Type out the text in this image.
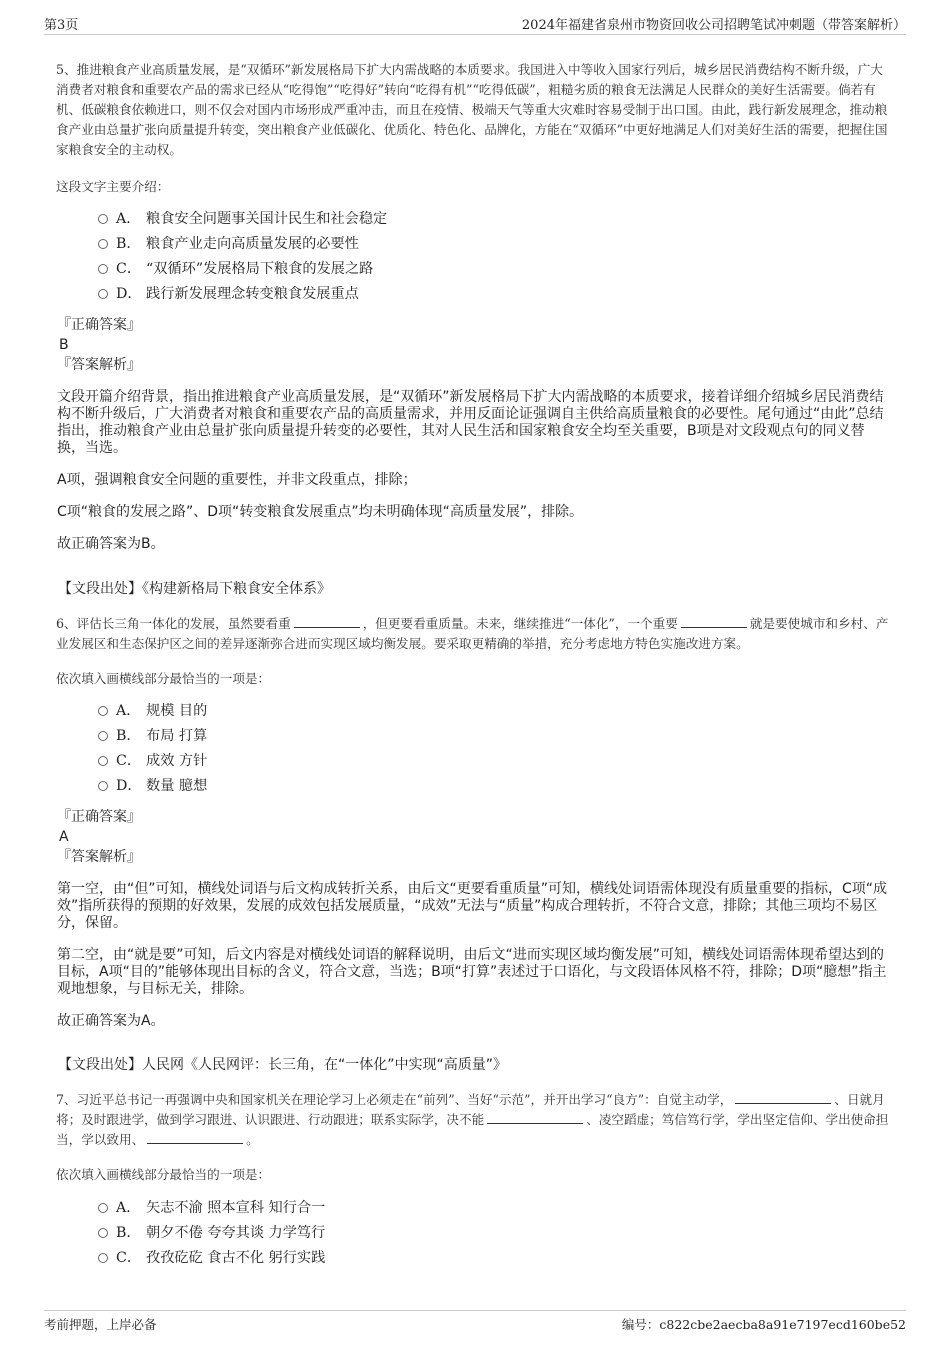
第3页	2024年福建省泉州市物资回收公司招聘笔试冲刺题（带答案解析）
5、推进粮食产业高质量发展，是“双循环”新发展格局下扩大内需战略的本质要求。我国进入中等收入国家行列后，城乡居民消费结构不断升级，广大消费者对粮食和重要农产品的需求已经从“吃得饱”“吃得好”转向“吃得有机”“吃得低碳”，粗糙劣质的粮食无法满足人民群众的美好生活需要。倘若有机、低碳粮食依赖进口，则不仅会对国内市场形成严重冲击，而且在疫情、极端天气等重大灾难时容易受制于出口国。由此，践行新发展理念，推动粮食产业由总量扩张向质量提升转变，突出粮食产业低碳化、优质化、特色化、品牌化，方能在“双循环”中更好地满足人们对美好生活的需要，把握住国家粮食安全的主动权。
这段文字主要介绍：
A． 粮食安全问题事关国计民生和社会稳定
B． 粮食产业走向高质量发展的必要性
C． “双循环”发展格局下粮食的发展之路
D． 践行新发展理念转变粮食发展重点
『正确答案』
B
『答案解析』

文段开篇介绍背景，指出推进粮食产业高质量发展，是“双循环”新发展格局下扩大内需战略的本质要求，接着详细介绍城乡居民消费结构不断升级后，广大消费者对粮食和重要农产品的高质量需求，并用反面论证强调自主供给高质量粮食的必要性。尾句通过“由此”总结指出，推动粮食产业由总量扩张向质量提升转变的必要性，其对人民生活和国家粮食安全均至关重要，B项是对文段观点句的同义替换，当选。

A项，强调粮食安全问题的重要性，并非文段重点，排除；

C项“粮食的发展之路”、D项“转变粮食发展重点”均未明确体现“高质量发展”，排除。

故正确答案为B。

【文段出处】《构建新格局下粮食安全体系》
6、评估长三角一体化的发展，虽然要看重	，但更要看重质量。未来，继续推进“一体化”，一个重要	就是要使城市和乡村、产业发展区和生态保护区之间的差异逐渐弥合进而实现区域均衡发展。要采取更精确的举措，充分考虑地方特色实施改进方案。
依次填入画横线部分最恰当的一项是：
A． 规模 目的
B． 布局 打算
C． 成效 方针
D． 数量 臆想
『正确答案』
A
『答案解析』

第一空，由“但”可知，横线处词语与后文构成转折关系，由后文“更要看重质量”可知，横线处词语需体现没有质量重要的指标，C项“成效”指所获得的预期的好效果，发展的成效包括发展质量，“成效”无法与“质量”构成合理转折，不符合文意，排除；其他三项均不易区分，保留。

第二空，由“就是要”可知，后文内容是对横线处词语的解释说明，由后文“进而实现区域均衡发展”可知，横线处词语需体现希望达到的目标，A项“目的”能够体现出目标的含义，符合文意，当选；B项“打算”表述过于口语化，与文段语体风格不符，排除；D项“臆想”指主观地想象，与目标无关，排除。

故正确答案为A。

【文段出处】人民网《人民网评：长三角，在“一体化”中实现“高质量”》
7、习近平总书记一再强调中央和国家机关在理论学习上必须走在“前列”、当好“示范”，并开出学习“良方”：自觉主动学，	、日就月将；及时跟进学，做到学习跟进、认识跟进、行动跟进；联系实际学，决不能	、凌空蹈虚；笃信笃行学，学出坚定信仰、学出使命担当，学以致用、	。
依次填入画横线部分最恰当的一项是：
A． 矢志不渝 照本宣科 知行合一
B． 朝夕不倦 夸夸其谈 力学笃行
C． 孜孜矻矻 食古不化 躬行实践
考前押题，上岸必备	编号：c822cbe2aecba8a91e7197ecd160be52
